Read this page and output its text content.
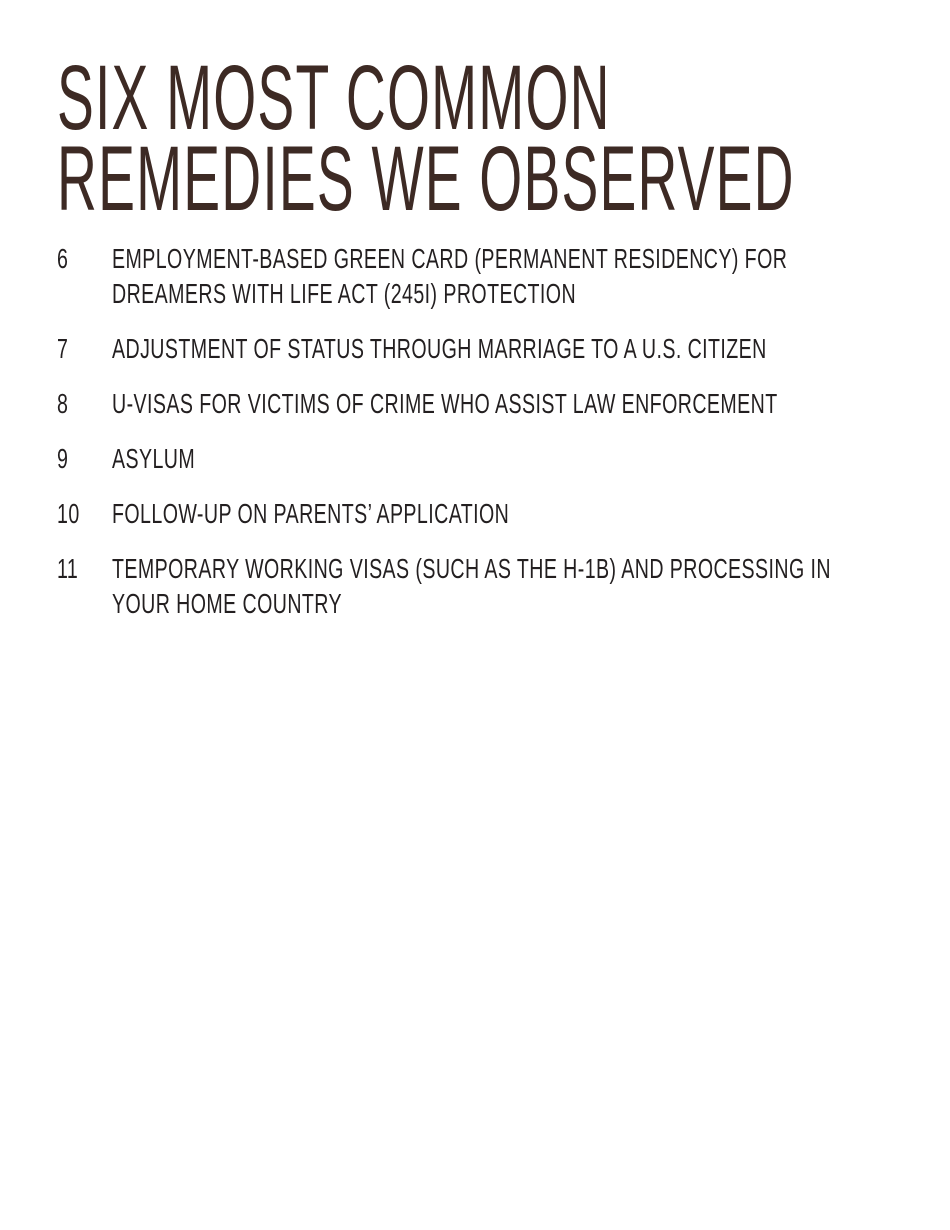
SIX MOST COMMON
REMEDIES WE OBSERVED
6 EMPLOYMENT-BASED GREEN CARD (PERMANENT RESIDENCY) FOR
DREAMERS WITH LIFE ACT (245I) PROTECTION
7 ADJUSTMENT OF STATUS THROUGH MARRIAGE TO A U.S. CITIZEN
8 U-VISAS FOR VICTIMS OF CRIME WHO ASSIST LAW ENFORCEMENT
9 ASYLUM
10 FOLLOW-UP ON PARENTS’ APPLICATION
11 TEMPORARY WORKING VISAS (SUCH AS THE H-1B) AND PROCESSING IN
YOUR HOME COUNTRY
